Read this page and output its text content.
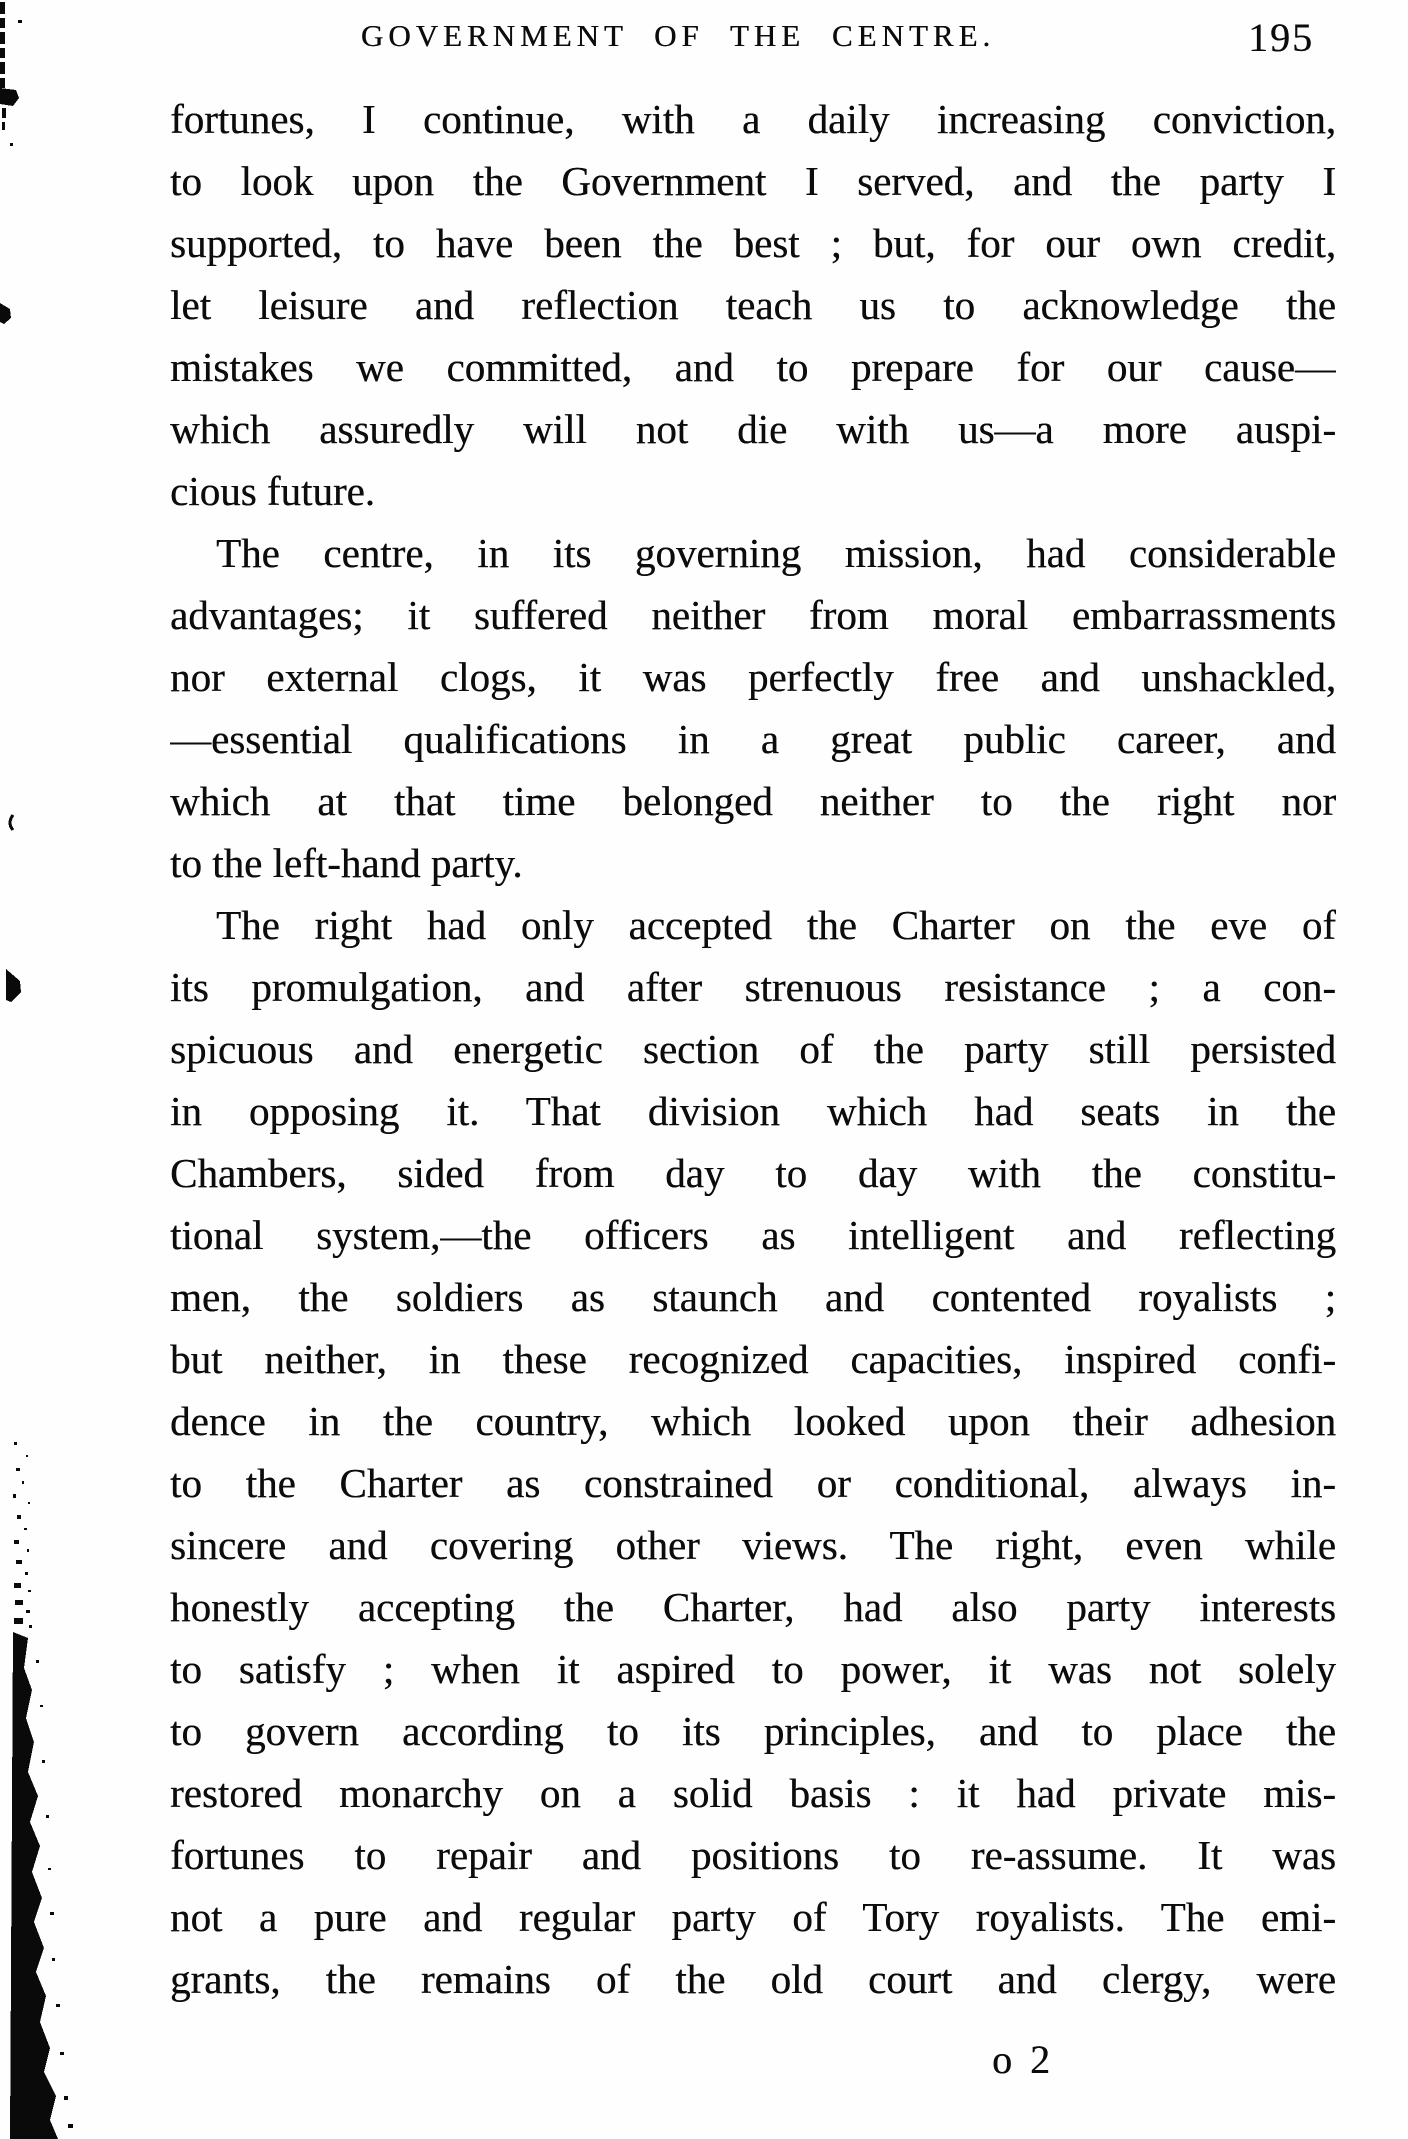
GOVERNMENT OF THE CENTRE.	195
fortunes, I continue, with a daily increasing conviction,
to look upon the Government I served, and the party I
supported, to have been the best ; but, for our own credit,
let leisure and reflection teach us to acknowledge the
mistakes we committed, and to prepare for our cause—
which assuredly will not die with us—a more auspi-
cious future.
The centre, in its governing mission, had considerable
advantages; it suffered neither from moral embarrassments
nor external clogs, it was perfectly free and unshackled,
—essential qualifications in a great public career, and
which at that time belonged neither to the right nor
to the left-hand party.
The right had only accepted the Charter on the eve of
its promulgation, and after strenuous resistance ; a con-
spicuous and energetic section of the party still persisted
in opposing it. That division which had seats in the
Chambers, sided from day to day with the constitu-
tional system,—the officers as intelligent and reflecting
men, the soldiers as staunch and contented royalists ;
but neither, in these recognized capacities, inspired confi-
dence in the country, which looked upon their adhesion
to the Charter as constrained or conditional, always in-
sincere and covering other views. The right, even while
honestly accepting the Charter, had also party interests
to satisfy ; when it aspired to power, it was not solely
to govern according to its principles, and to place the
restored monarchy on a solid basis : it had private mis-
fortunes to repair and positions to re-assume. It was
not a pure and regular party of Tory royalists. The emi-
grants, the remains of the old court and clergy, were
o 2
